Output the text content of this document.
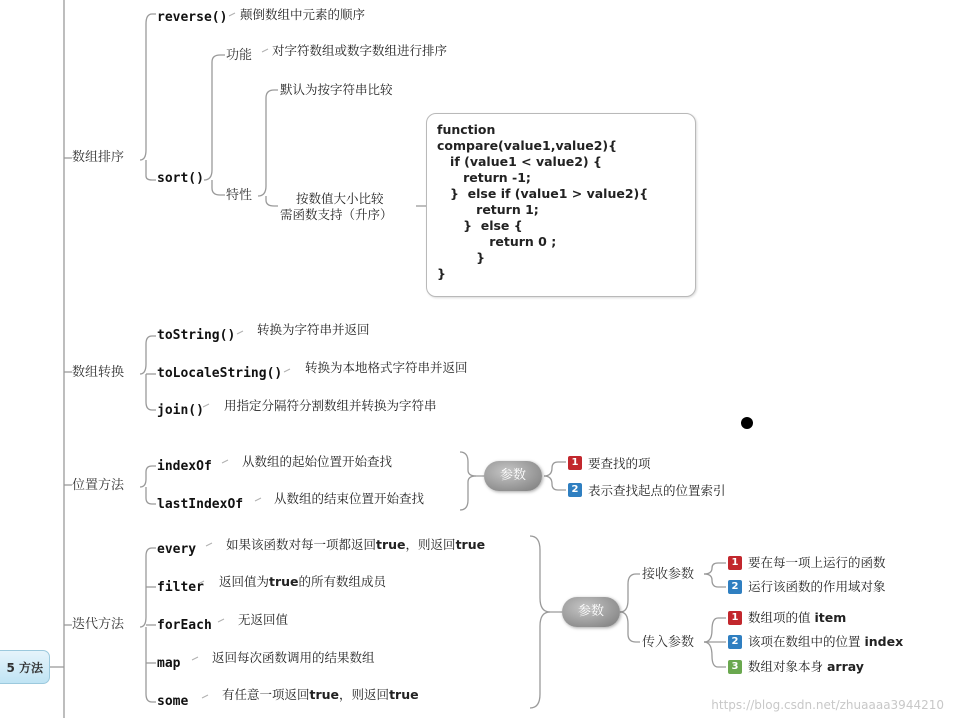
数组排序
reverse() 颠倒数组中元素的顺序
sort()
功能 对字符数组或数字数组进行排序
特性
默认为按字符串比较
按数值大小比较
需函数支持（升序）
function
compare(value1,value2){
if (value1 < value2) {
return -1;
}  else if (value1 > value2){
return 1;
}  else {
return 0 ;
}
}
数组转换
toString() 转换为字符串并返回
toLocaleString() 转换为本地格式字符串并返回
join() 用指定分隔符分割数组并转换为字符串
位置方法
indexOf 从数组的起始位置开始查找
lastIndexOf 从数组的结束位置开始查找
参数
1 要查找的项
2 表示查找起点的位置索引
迭代方法
every 如果该函数对每一项都返回true，则返回true
filter 返回值为true的所有数组成员
forEach 无返回值
map	返回每次函数调用的结果数组
some	有任意一项返回true，则返回true
参数
接收参数
传入参数
1 要在每一项上运行的函数
2 运行该函数的作用域对象
1 数组项的值 item
2 该项在数组中的位置 index
3 数组对象本身 array
5 方法
https://blog.csdn.net/zhuaaaa3944210
